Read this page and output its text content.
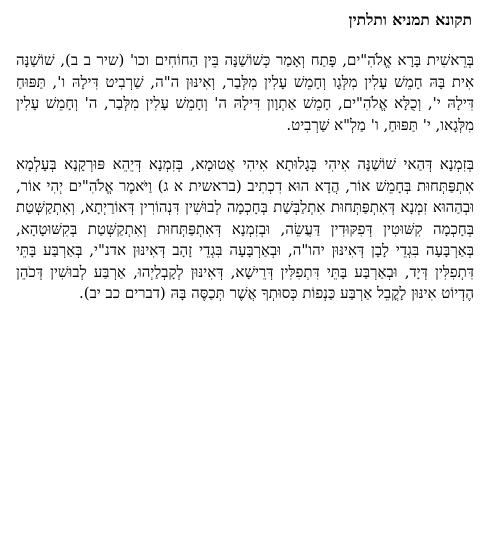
תקונא תמניא ותלתין

בְּרֵאשִׁית בָּרָא אֱלֹהִ"ים, פָּתַח וְאָמַר כְּשׁוֹשַׁנָּה בֵּין הַחוֹחִים וכו' (שיר ב ב), שׁוֹשַׁנָּה אִית בָּהּ חָמֵשׁ עָלִין מִלְּגָו וְחָמֵשׁ עָלִין מִלְּבַר, וְאִינּוּן ה"ה, שַׁרְבִיט דִּילָהּ ו', תַּפּוּחַ דִּילָהּ י', וְכֻלָּא אֱלֹהִ"ים, חָמֵשׁ אַתְוָון דִּילָהּ ה' וְחָמֵשׁ עָלִין מִלְּבַר, ה' וְחָמֵשׁ עָלִין מִלְּגָאו, י' תַּפּוּחַ, ו' מַלְ"א שַׁרְבִיט.

בְּזִמְנָא דְּהַאי שׁוֹשַׁנָּה אִיהִי בְּגָלוּתָא אִיהִי אֲטוּמָא, בְּזִמְנָא דְּיֵהֵא פּוּרְקָנָא בְּעָלְמָא אִתְפַּתְּחוּת בְּחָמֵשׁ אוֹר, הֲדָא הוּא דִכְתִיב (בראשית א ג) וַיֹּאמֶר אֱלֹהִ"ים יְהִי אוֹר, וּבְהַהוּא זִמְנָא דְּאִתְפַּתְּחוּת אִתְלַבְּשַׁת בְּחָכְמָה לְבוּשִׁין דִּנְהוֹרִין דְּאוֹרַיְתָא, וְאִתְקַשְּׁטַת בְּחָכְמָה קִשּׁוּטִין דְּפִקּוּדִין דַּעֲשֵׂה, וּבְזִמְנָא דְּאִתְפַּתְּחוּת וְאִתְקַשְּׁטַת בְּקִשּׁוּטָהָא, בְּאַרְבָּעָה בִּגְדֵי לָבָן דְּאִינּוּן יהו"ה, וּבְאַרְבָּעָה בִּגְדֵי זָהָב דְּאִינּוּן אדנ"י, בְּאַרְבַּע בָּתֵּי דִּתְפִלִּין דְּיָד, וּבְאַרְבַּע בָּתֵּי דִּתְפִלִּין דְּרֵישָׁא, דְּאִינּוּן לְקָבְלַיְהוּ, אַרְבַּע לְבוּשִׁין דְּכֹהֵן הֶדְיוֹט אִינּוּן לָקֳבֵל אַרְבַּע כַּנְפוֹת כְּסוּתְךָ אֲשֶׁר תְּכַסֶּה בָּהּ (דברים כב יב).
